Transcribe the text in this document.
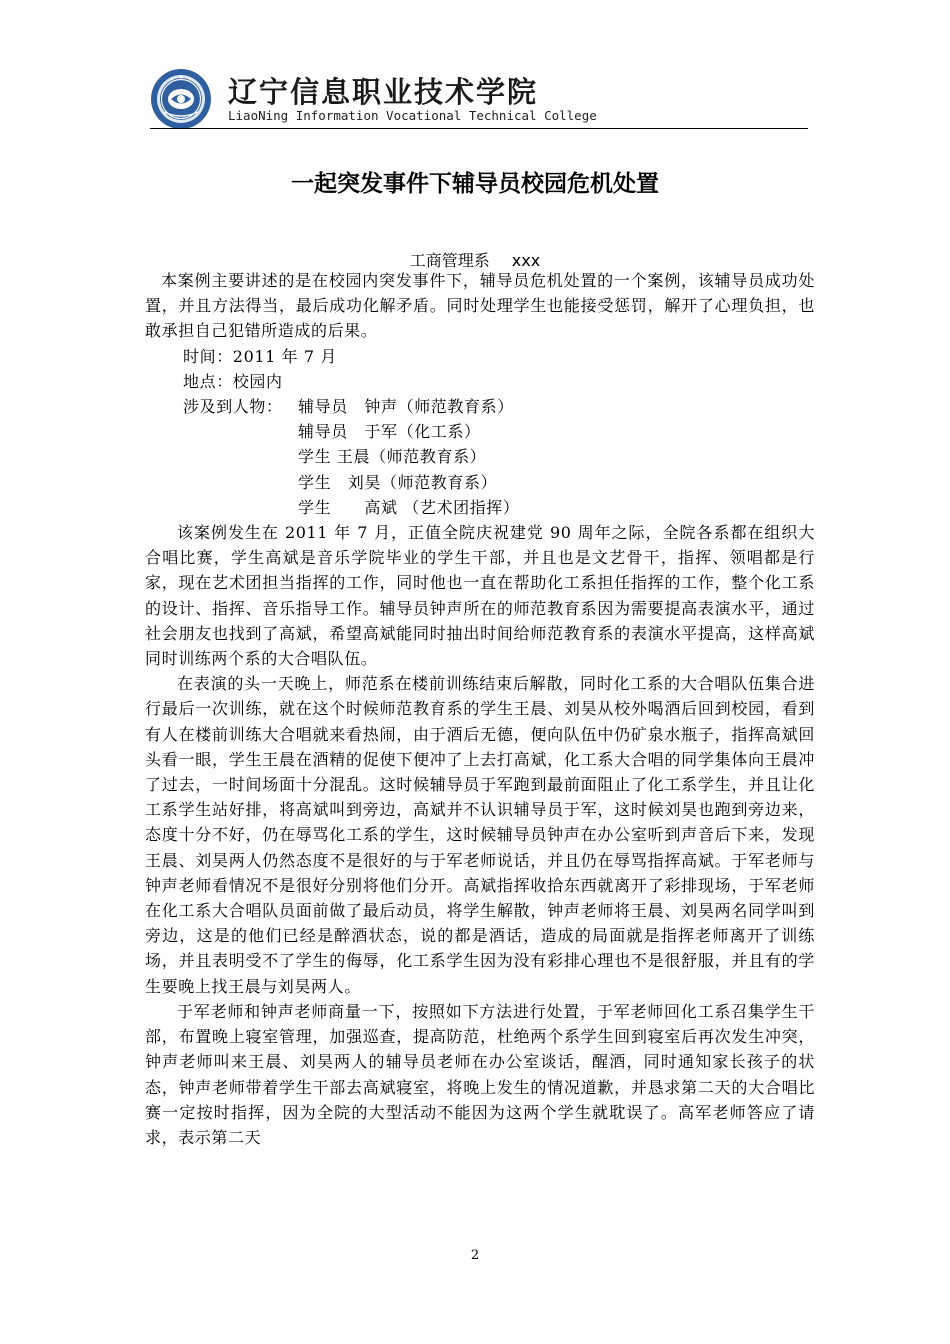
辽宁信息职业技术学院
LiaoNing Information Vocational Technical College
一起突发事件下辅导员校园危机处置
工商管理系 xxx

本案例主要讲述的是在校园内突发事件下，辅导员危机处置的一个案例，该辅导员成功处置，并且方法得当，最后成功化解矛盾。同时处理学生也能接受惩罚，解开了心理负担，也敢承担自己犯错所造成的后果。

时间：2011 年 7 月
地点：校园内
涉及到人物： 辅导员　钟声（师范教育系）
辅导员　于军（化工系）
学生 王晨（师范教育系）
学生　刘昊（师范教育系）
学生　　高斌 （艺术团指挥）

该案例发生在 2011 年 7 月，正值全院庆祝建党 90 周年之际，全院各系都在组织大合唱比赛，学生高斌是音乐学院毕业的学生干部，并且也是文艺骨干，指挥、领唱都是行家，现在艺术团担当指挥的工作，同时他也一直在帮助化工系担任指挥的工作，整个化工系的设计、指挥、音乐指导工作。辅导员钟声所在的师范教育系因为需要提高表演水平，通过社会朋友也找到了高斌，希望高斌能同时抽出时间给师范教育系的表演水平提高，这样高斌同时训练两个系的大合唱队伍。

在表演的头一天晚上，师范系在楼前训练结束后解散，同时化工系的大合唱队伍集合进行最后一次训练，就在这个时候师范教育系的学生王晨、刘昊从校外喝酒后回到校园，看到有人在楼前训练大合唱就来看热闹，由于酒后无德，便向队伍中仍矿泉水瓶子，指挥高斌回头看一眼，学生王晨在酒精的促使下便冲了上去打高斌，化工系大合唱的同学集体向王晨冲了过去，一时间场面十分混乱。这时候辅导员于军跑到最前面阻止了化工系学生，并且让化工系学生站好排，将高斌叫到旁边，高斌并不认识辅导员于军，这时候刘昊也跑到旁边来，态度十分不好，仍在辱骂化工系的学生，这时候辅导员钟声在办公室听到声音后下来，发现王晨、刘昊两人仍然态度不是很好的与于军老师说话，并且仍在辱骂指挥高斌。于军老师与钟声老师看情况不是很好分别将他们分开。高斌指挥收拾东西就离开了彩排现场，于军老师在化工系大合唱队员面前做了最后动员，将学生解散，钟声老师将王晨、刘昊两名同学叫到旁边，这是的他们已经是醉酒状态，说的都是酒话，造成的局面就是指挥老师离开了训练场，并且表明受不了学生的侮辱，化工系学生因为没有彩排心理也不是很舒服，并且有的学生要晚上找王晨与刘昊两人。

于军老师和钟声老师商量一下，按照如下方法进行处置，于军老师回化工系召集学生干部，布置晚上寝室管理，加强巡查，提高防范，杜绝两个系学生回到寝室后再次发生冲突，钟声老师叫来王晨、刘昊两人的辅导员老师在办公室谈话，醒酒，同时通知家长孩子的状态，钟声老师带着学生干部去高斌寝室，将晚上发生的情况道歉，并恳求第二天的大合唱比赛一定按时指挥，因为全院的大型活动不能因为这两个学生就耽误了。高军老师答应了请求，表示第二天

2
